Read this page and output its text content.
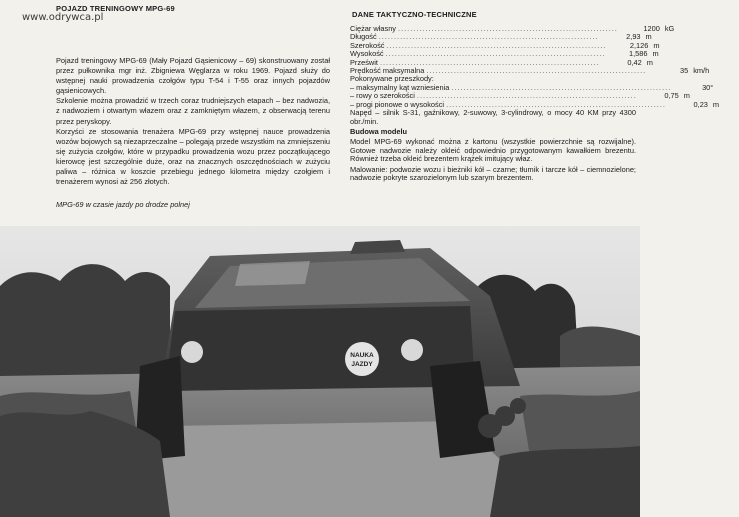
www.odrywca.pl
POJAZD TRENINGOWY MPG-69

Pojazd treningowy MPG-69 (Mały Pojazd Gąsienicowy – 69) skonstruowany został przez pułkownika mgr inż. Zbigniewa Węglarza w roku 1969. Pojazd służy do wstępnej nauki prowadzenia czołgów typu T-54 i T-55 oraz innych pojazdów gąsienicowych.

Szkolenie można prowadzić w trzech coraz trudniejszych etapach – bez nadwozia, z nadwoziem i otwartym włazem oraz z zamkniętym włazem, z obserwacją terenu przez peryskopy.

Korzyści ze stosowania trenażera MPG-69 przy wstępnej nauce prowadzenia wozów bojowych są niezaprzeczalne – polegają przede wszystkim na zmniejszeniu się zużycia czołgów, które w przypadku prowadzenia wozu przez początkującego kierowcę jest szczególnie duże, oraz na znacznych oszczędnościach w zużyciu paliwa – różnica w koszcie przebiegu jednego kilometra między czołgiem i trenażerem wynosi aż 256 złotych.

MPG-69 w czasie jazdy po drodze polnej
DANE TAKTYCZNO-TECHNICZNE
Ciężar własny ........................................................................	1200 kG
Długość ........................................................................	2,93 m
Szerokość ........................................................................	2,126 m
Wysokość ........................................................................	1,586 m
Prześwit ........................................................................	0,42 m
Prędkość maksymalna ........................................................................	35 km/h
Pokonywane przeszkody:
– maksymalny kąt wzniesienia ........................................................................	30°
– rowy o szerokości ........................................................................	0,75 m
– progi pionowe o wysokości ........................................................................	0,23 m
Napęd – silnik S-31, gaźnikowy, 2-suwowy, 3-cylindrowy, o mocy 40 KM przy 4300 obr./min.
Budowa modelu
Model MPG-69 wykonać można z kartonu (wszystkie powierzchnie są rozwijalne). Gotowe nadwozie należy okleić odpowiednio przygotowanym kawałkiem brezentu. Również trzeba okleić brezentem krążek imitujący właz.
Malowanie: podwozie wozu i bieżniki kół – czarne; tłumik i tarcze kół – ciemnozielone; nadwozie pokryte szarozielonym lub szarym brezentem.
NAUKA
JAZDY
